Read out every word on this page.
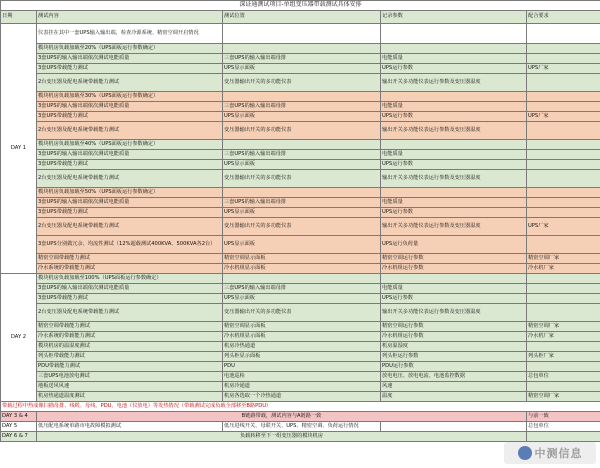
深证通测试项目-单组变压器带载测试具体安排				
日期	测试内容	测试位置	记录参数	配合要求
DAY 1	仪表挂在其中一套UPS输入输出端，检查冷源系统、精密空调开启情况			
	模块机房负载加载至20%（UPS面板运行参数确定）			
	3套UPS的输入输出端依次测试电能质量	三套UPS的输入输出端母排	电能质量	
	3套UPS带载能力测试	UPS显示面板	UPS运行参数	UPS厂家
	2台变压器及配电系统带载能力测试	变压器输出开关的多功能仪表	输出开关多功能仪表运行参数及变压器温度	
	模块机房负载加载至30%（UPS面板运行参数确定）			
	3套UPS的输入输出端依次测试电能质量	三套UPS的输入输出端母排	电能质量	
	3套UPS带载能力测试	UPS显示面板	UPS运行参数	UPS厂家
	2台变压器及配电系统带载能力测试	变压器输出开关的多功能仪表	输出开关多功能仪表运行参数及变压器温度	
	模块机房负载加载至40%（UPS面板运行参数确定）			
	3套UPS的输入输出端依次测试电能质量	三套UPS的输入输出端母排	电能质量	
	3套UPS带载能力测试	UPS显示面板	UPS运行参数	
	2台变压器及配电系统带载能力测试	变压器输出开关的多功能仪表	输出开关多功能仪表运行参数及变压器温度	
	模块机房负载加载至50%（UPS面板运行参数确定）			
	3套UPS的输入输出端依次测试电能质量	三套UPS的输入输出端母排	电能质量	
	3套UPS带载能力测试	UPS显示面板	UPS运行参数	
	2台变压器及配电系统带载能力测试	变压器输出开关的多功能仪表	输出开关多功能仪表运行参数及变压器温度	UPS厂家
	3套UPS分别做冗余、均流性测试（12%超载测试400KVA、500KVA各2台）	UPS显示面板	UPS运行负荷量	
	精密空调带载能力测试	精密空调显示面板	精密空调运行参数	精密空调厂家
	冷水系统的带载能力测试	冷水机组显示面板	冷水机组运行参数	冷水机厂家
DAY 2	模块机房负载加载至100%（UPS面板运行参数确定）			
	3套UPS的输入输出端依次测试电能质量	三套UPS的输入输出端母排	电能质量	
	3套UPS带载能力测试	UPS显示面板	UPS运行参数	
	2台变压器及配电系统带载能力测试	变压器输出开关的多功能仪表	输出开关多功能仪表运行参数及变压器温度	
	精密空调带载能力测试	精密空调显示面板	精密空调运行参数	精密空调厂家
	冷水系统的带载能力测试	冷水机组显示面板	冷水机组运行参数	冷水机厂家
	模块机房的温湿度测试	机房冷热通道	机房温湿度	
	列头柜带载能力测试	列头柜显示面板	列头柜运行参数	列头柜厂家
	PDU带载能力测试	PDU	PDU运行参数	
	三套UPS电池放电测试	电池巡检	放电电压、放电电流、电池监控数据	总包单位
	地板送风风速	机房冷通道	风速	
	机房热通道温度测试	机房各选取一个冷热通道	温度	精密空调厂家
带载过程中热成像扫描母排、线缆、母线、PDU、电池（仪放电）等发热情况（带载测试完成负载全部移至B路PDU）				
DAY 3 & 4	B链路带载，测试内容与A链路一致			与前一致
DAY 5	低压配电系统单路市电故障模拟测试	低压进线开关、母联开关、UPS、精密空调、负荷运行情况		总包单位
DAY 6 & 7	负载转移至下一组变压器的模块机房			
中测信息
